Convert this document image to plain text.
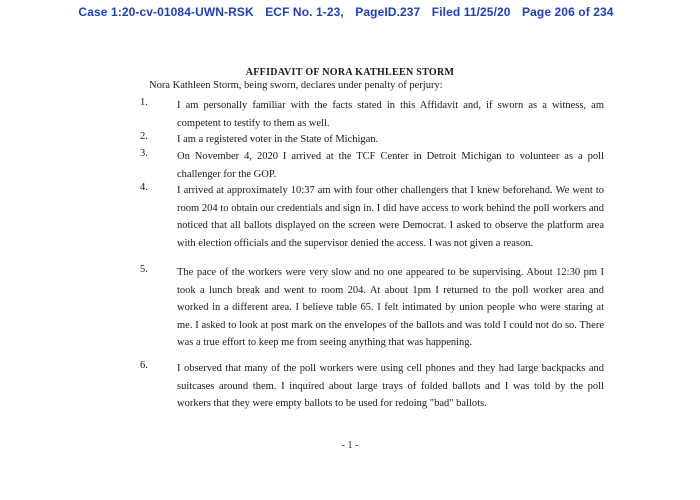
Case 1:20-cv-01084-UWN-RSK ECF No. 1-23, PageID.237 Filed 11/25/20 Page 206 of 234
AFFIDAVIT OF NORA KATHLEEN STORM
Nora Kathleen Storm, being sworn, declares under penalty of perjury:
1.	I am personally familiar with the facts stated in this Affidavit and, if sworn as a witness, am competent to testify to them as well.
2.	I am a registered voter in the State of Michigan.
3.	On November 4, 2020 I arrived at the TCF Center in Detroit Michigan to volunteer as a poll challenger for the GOP.
4.	I arrived at approximately 10:37 am with four other challengers that I knew beforehand. We went to room 204 to obtain our credentials and sign in. I did have access to work behind the poll workers and noticed that all ballots displayed on the screen were Democrat. I asked to observe the platform area with election officials and the supervisor denied the access. I was not given a reason.
5.	The pace of the workers were very slow and no one appeared to be supervising. About 12:30 pm I took a lunch break and went to room 204. At about 1pm I returned to the poll worker area and worked in a different area. I believe table 65. I felt intimated by union people who were staring at me. I asked to look at post mark on the envelopes of the ballots and was told I could not do so. There was a true effort to keep me from seeing anything that was happening.
6.	I observed that many of the poll workers were using cell phones and they had large backpacks and suitcases around them. I inquired about large trays of folded ballots and I was told by the poll workers that they were empty ballots to be used for redoing "bad" ballots.
- 1 -
